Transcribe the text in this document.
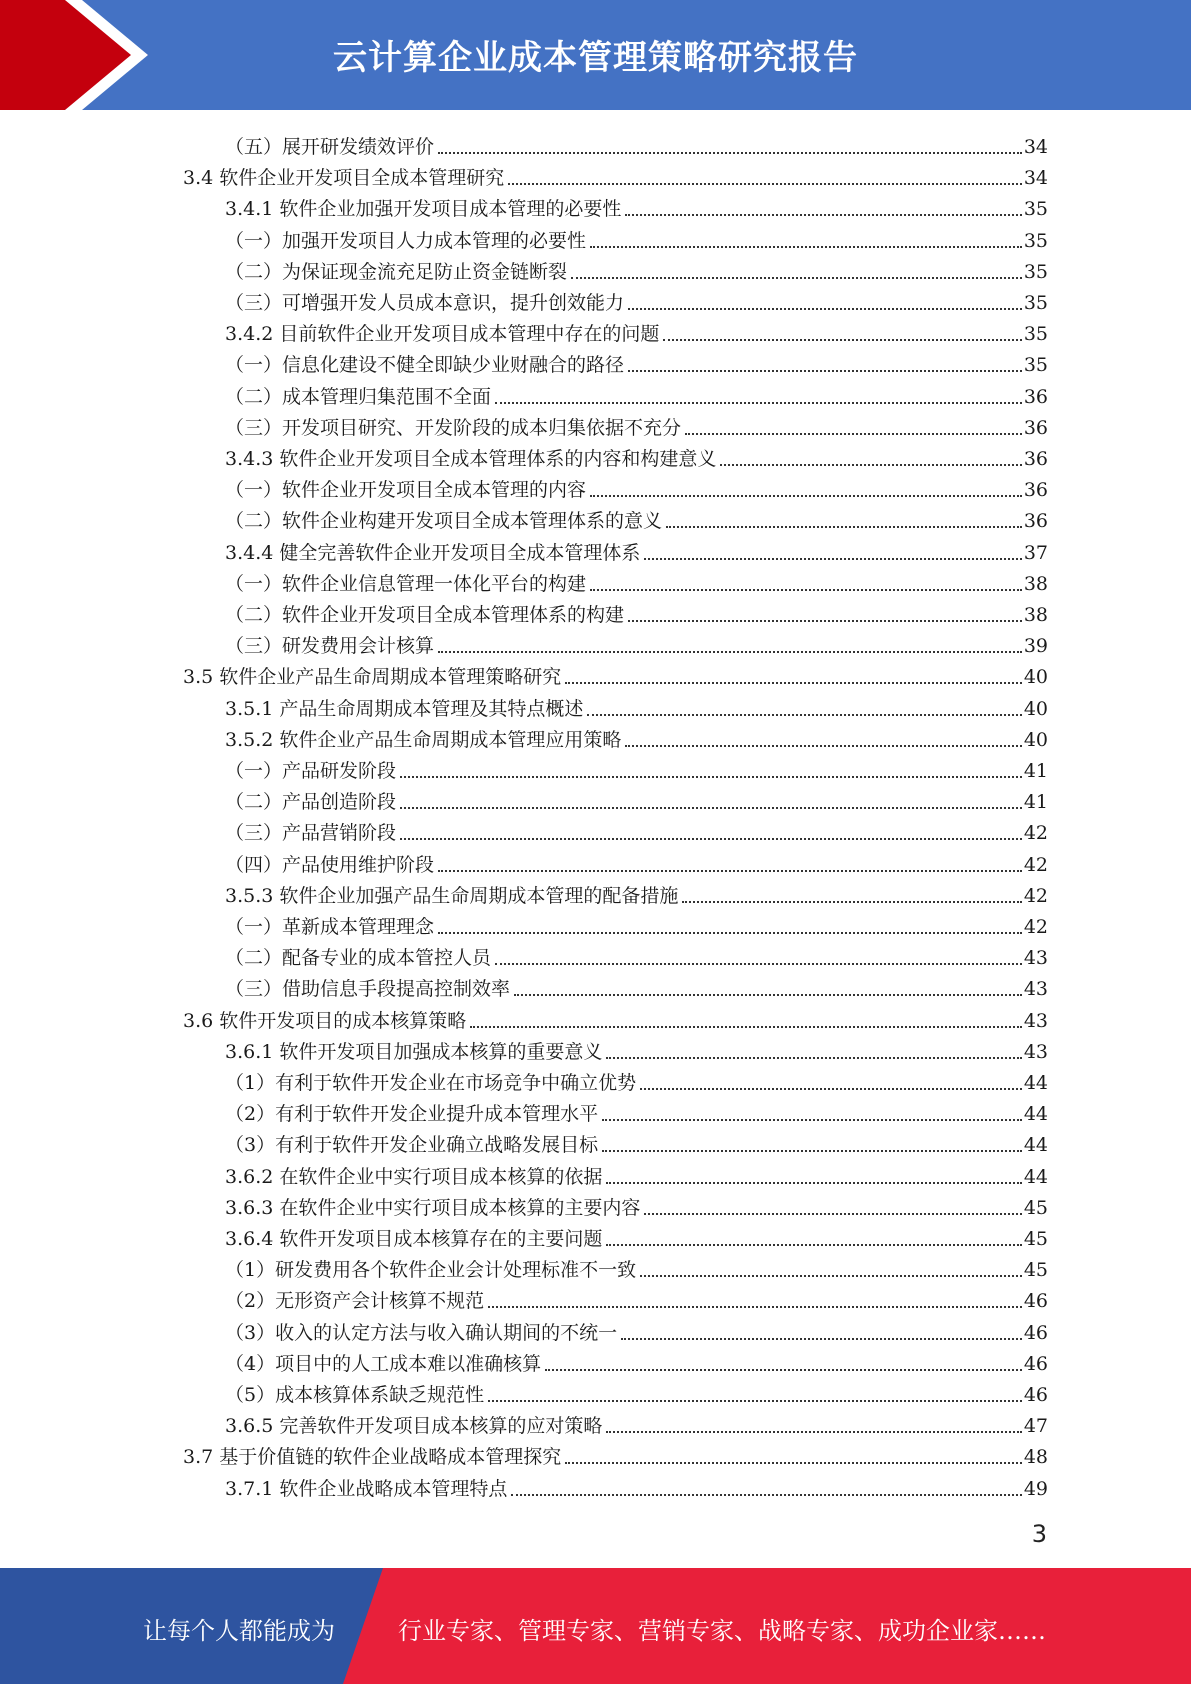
云计算企业成本管理策略研究报告
（五）展开研发绩效评价	34
3.4 软件企业开发项目全成本管理研究	34
3.4.1 软件企业加强开发项目成本管理的必要性	35
（一）加强开发项目人力成本管理的必要性	35
（二）为保证现金流充足防止资金链断裂	35
（三）可增强开发人员成本意识，提升创效能力	35
3.4.2 目前软件企业开发项目成本管理中存在的问题	35
（一）信息化建设不健全即缺少业财融合的路径	35
（二）成本管理归集范围不全面	36
（三）开发项目研究、开发阶段的成本归集依据不充分	36
3.4.3 软件企业开发项目全成本管理体系的内容和构建意义	36
（一）软件企业开发项目全成本管理的内容	36
（二）软件企业构建开发项目全成本管理体系的意义	36
3.4.4 健全完善软件企业开发项目全成本管理体系	37
（一）软件企业信息管理一体化平台的构建	38
（二）软件企业开发项目全成本管理体系的构建	38
（三）研发费用会计核算	39
3.5 软件企业产品生命周期成本管理策略研究	40
3.5.1 产品生命周期成本管理及其特点概述	40
3.5.2 软件企业产品生命周期成本管理应用策略	40
（一）产品研发阶段	41
（二）产品创造阶段	41
（三）产品营销阶段	42
（四）产品使用维护阶段	42
3.5.3 软件企业加强产品生命周期成本管理的配备措施	42
（一）革新成本管理理念	42
（二）配备专业的成本管控人员	43
（三）借助信息手段提高控制效率	43
3.6 软件开发项目的成本核算策略	43
3.6.1 软件开发项目加强成本核算的重要意义	43
（1）有利于软件开发企业在市场竞争中确立优势	44
（2）有利于软件开发企业提升成本管理水平	44
（3）有利于软件开发企业确立战略发展目标	44
3.6.2 在软件企业中实行项目成本核算的依据	44
3.6.3 在软件企业中实行项目成本核算的主要内容	45
3.6.4 软件开发项目成本核算存在的主要问题	45
（1）研发费用各个软件企业会计处理标准不一致	45
（2）无形资产会计核算不规范	46
（3）收入的认定方法与收入确认期间的不统一	46
（4）项目中的人工成本难以准确核算	46
（5）成本核算体系缺乏规范性	46
3.6.5 完善软件开发项目成本核算的应对策略	47
3.7 基于价值链的软件企业战略成本管理探究	48
3.7.1 软件企业战略成本管理特点	49
3
让每个人都能成为	行业专家、管理专家、营销专家、战略专家、成功企业家……
